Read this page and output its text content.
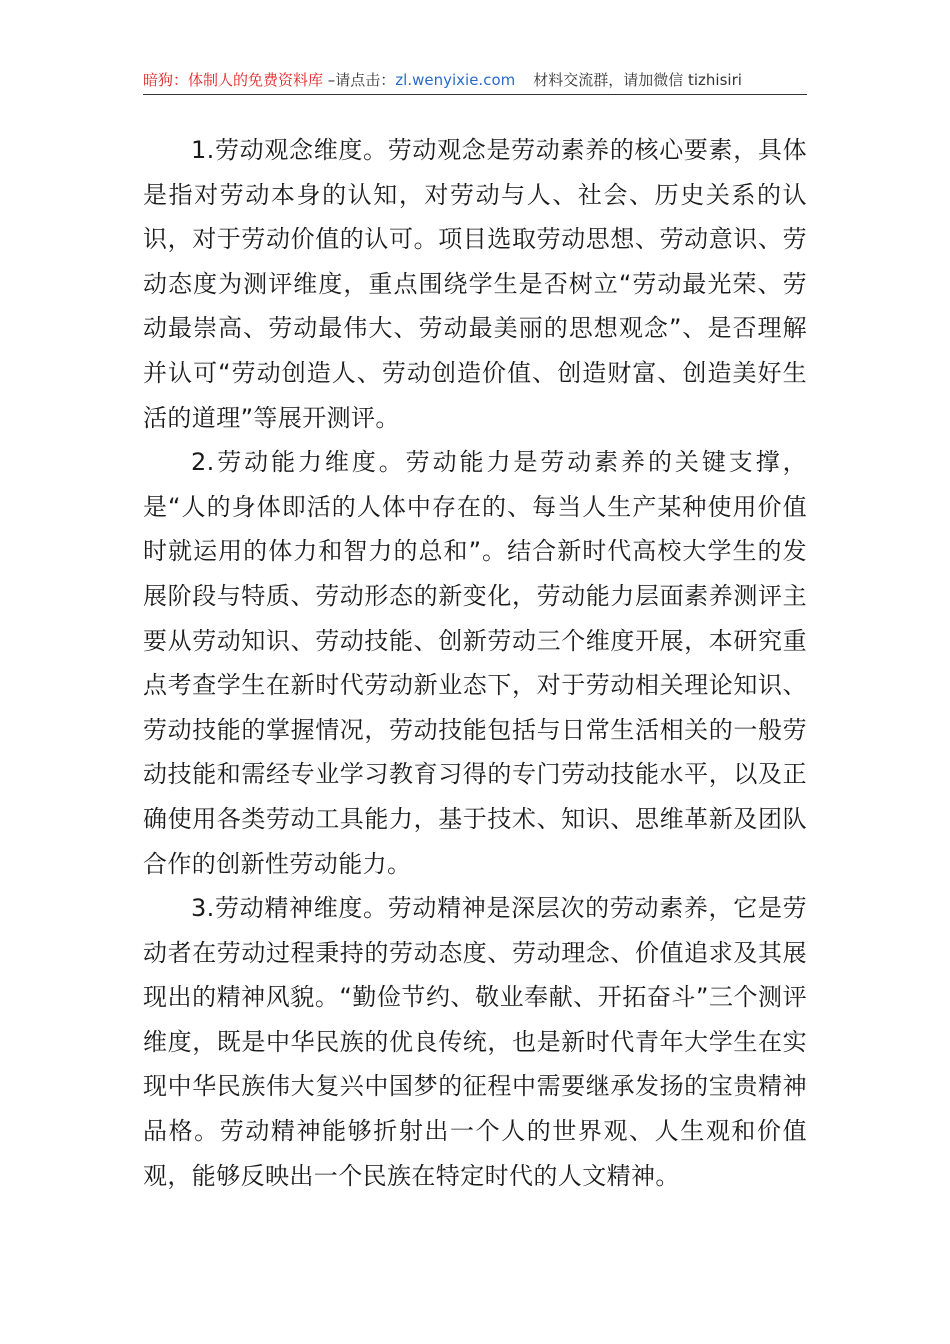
暗狗：体制人的免费资料库 –请点击：zl.wenyixie.com 材料交流群，请加微信 tizhisiri

1.劳动观念维度。劳动观念是劳动素养的核心要素，具体是指对劳动本身的认知，对劳动与人、社会、历史关系的认识，对于劳动价值的认可。项目选取劳动思想、劳动意识、劳动态度为测评维度，重点围绕学生是否树立“劳动最光荣、劳动最崇高、劳动最伟大、劳动最美丽的思想观念”、是否理解并认可“劳动创造人、劳动创造价值、创造财富、创造美好生活的道理”等展开测评。

2.劳动能力维度。劳动能力是劳动素养的关键支撑，是“人的身体即活的人体中存在的、每当人生产某种使用价值时就运用的体力和智力的总和”。结合新时代高校大学生的发展阶段与特质、劳动形态的新变化，劳动能力层面素养测评主要从劳动知识、劳动技能、创新劳动三个维度开展，本研究重点考查学生在新时代劳动新业态下，对于劳动相关理论知识、劳动技能的掌握情况，劳动技能包括与日常生活相关的一般劳动技能和需经专业学习教育习得的专门劳动技能水平，以及正确使用各类劳动工具能力，基于技术、知识、思维革新及团队合作的创新性劳动能力。

3.劳动精神维度。劳动精神是深层次的劳动素养，它是劳动者在劳动过程秉持的劳动态度、劳动理念、价值追求及其展现出的精神风貌。“勤俭节约、敬业奉献、开拓奋斗”三个测评维度，既是中华民族的优良传统，也是新时代青年大学生在实现中华民族伟大复兴中国梦的征程中需要继承发扬的宝贵精神品格。劳动精神能够折射出一个人的世界观、人生观和价值观，能够反映出一个民族在特定时代的人文精神。
